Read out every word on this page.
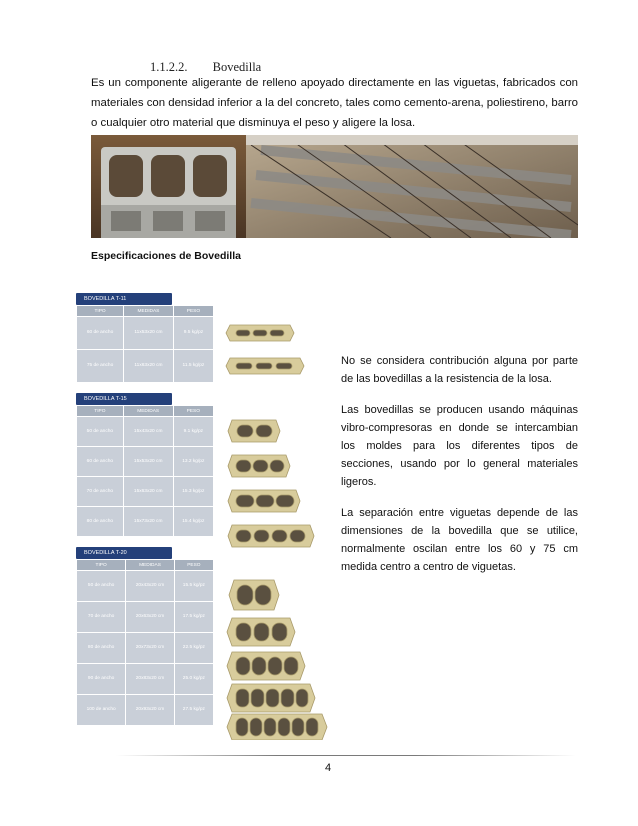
1.1.2.2. Bovedilla
Es un componente aligerante de relleno apoyado directamente en las viguetas, fabricados con materiales con densidad inferior a la del concreto, tales como cemento-arena, poliestireno, barro o cualquier otro material que disminuya el peso y aligere la losa.
Especificaciones de Bovedilla
BOVEDILLA T-11
TIPO	MEDIDAS	PESO
60 de ancho	11x53x20 cm	9.5 kg/pz
75 de ancho	11x63x20 cm	11.5 kg/pz
BOVEDILLA T-15
TIPO	MEDIDAS	PESO
50 de ancho	15x43x20 cm	9.1 kg/pz
60 de ancho	15x53x20 cm	13.2 kg/pz
70 de ancho	15x63x20 cm	15.3 kg/pz
80 de ancho	15x73x20 cm	15.4 kg/pz
BOVEDILLA T-20
TIPO	MEDIDAS	PESO
50 de ancho	20x43x20 cm	15.5 kg/pz
70 de ancho	20x63x20 cm	17.5 kg/pz
80 de ancho	20x73x20 cm	22.5 kg/pz
90 de ancho	20x83x20 cm	25.0 kg/pz
100 de ancho	20x93x20 cm	27.5 kg/pz

No se considera contribución alguna por parte de las bovedillas a la resistencia de la losa.

Las bovedillas se producen usando máquinas vibro-compresoras en donde se intercambian los moldes para los diferentes tipos de secciones, usando por lo general materiales ligeros.

La separación entre viguetas depende de las dimensiones de la bovedilla que se utilice, normalmente oscilan entre los 60 y 75 cm medida centro a centro de viguetas.

4
